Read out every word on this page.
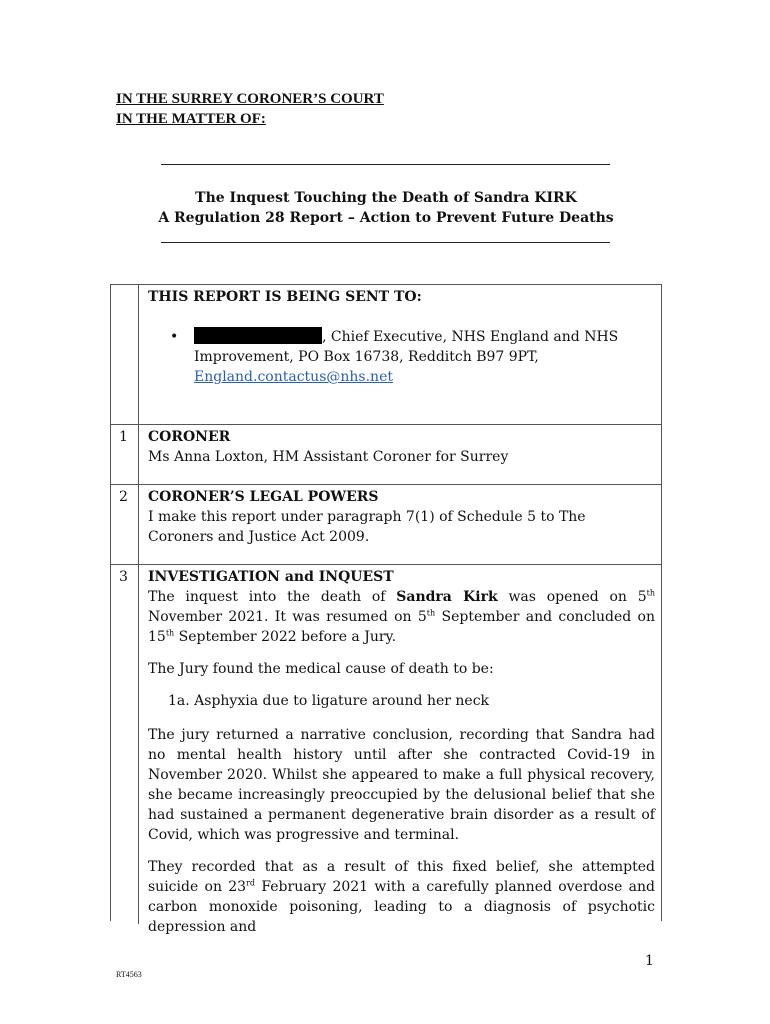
IN THE SURREY CORONER’S COURT
IN THE MATTER OF:
The Inquest Touching the Death of Sandra KIRK
A Regulation 28 Report – Action to Prevent Future Deaths
THIS REPORT IS BEING SENT TO:
•	, Chief Executive, NHS England and NHS
Improvement, PO Box 16738, Redditch B97 9PT,
England.contactus@nhs.net
1 CORONER
Ms Anna Loxton, HM Assistant Coroner for Surrey
2 CORONER’S LEGAL POWERS
I make this report under paragraph 7(1) of Schedule 5 to The Coroners and Justice Act 2009.
3 INVESTIGATION and INQUEST
The inquest into the death of Sandra Kirk was opened on 5th November 2021. It was resumed on 5th September and concluded on 15th September 2022 before a Jury.
The Jury found the medical cause of death to be:
1a. Asphyxia due to ligature around her neck
The jury returned a narrative conclusion, recording that Sandra had no mental health history until after she contracted Covid-19 in November 2020. Whilst she appeared to make a full physical recovery, she became increasingly preoccupied by the delusional belief that she had sustained a permanent degenerative brain disorder as a result of Covid, which was progressive and terminal.
They recorded that as a result of this fixed belief, she attempted suicide on 23rd February 2021 with a carefully planned overdose and carbon monoxide poisoning, leading to a diagnosis of psychotic depression and
1
RT4563
